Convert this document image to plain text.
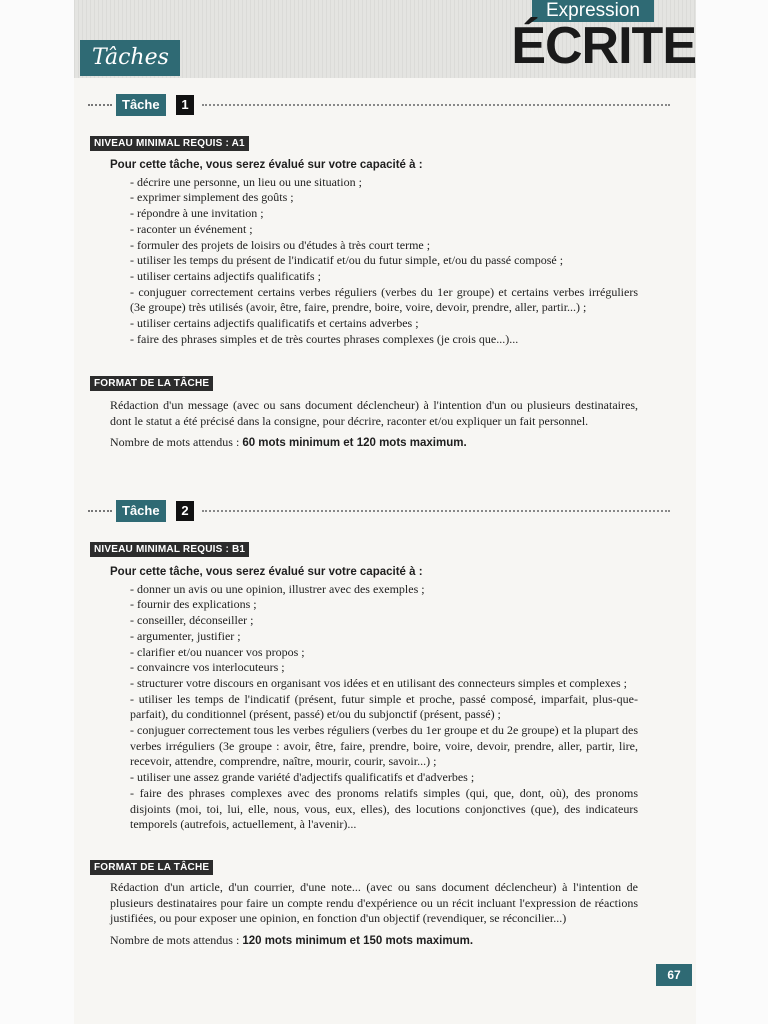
Tâches
Expression
ÉCRITE
Tâche	1
NIVEAU MINIMAL REQUIS : A1
Pour cette tâche, vous serez évalué sur votre capacité à :
- décrire une personne, un lieu ou une situation ;
- exprimer simplement des goûts ;
- répondre à une invitation ;
- raconter un événement ;
- formuler des projets de loisirs ou d'études à très court terme ;
- utiliser les temps du présent de l'indicatif et/ou du futur simple, et/ou du passé composé ;
- utiliser certains adjectifs qualificatifs ;
- conjuguer correctement certains verbes réguliers (verbes du 1er groupe) et certains verbes irréguliers (3e groupe) très utilisés (avoir, être, faire, prendre, boire, voire, devoir, prendre, aller, partir...) ;
- utiliser certains adjectifs qualificatifs et certains adverbes ;
- faire des phrases simples et de très courtes phrases complexes (je crois que...)...
FORMAT DE LA TÂCHE

Rédaction d'un message (avec ou sans document déclencheur) à l'intention d'un ou plusieurs destinataires, dont le statut a été précisé dans la consigne, pour décrire, raconter et/ou expliquer un fait personnel.

Nombre de mots attendus : 60 mots minimum et 120 mots maximum.

Tâche	2
NIVEAU MINIMAL REQUIS : B1
Pour cette tâche, vous serez évalué sur votre capacité à :
- donner un avis ou une opinion, illustrer avec des exemples ;
- fournir des explications ;
- conseiller, déconseiller ;
- argumenter, justifier ;
- clarifier et/ou nuancer vos propos ;
- convaincre vos interlocuteurs ;
- structurer votre discours en organisant vos idées et en utilisant des connecteurs simples et complexes ;
- utiliser les temps de l'indicatif (présent, futur simple et proche, passé composé, imparfait, plus-que-parfait), du conditionnel (présent, passé) et/ou du subjonctif (présent, passé) ;
- conjuguer correctement tous les verbes réguliers (verbes du 1er groupe et du 2e groupe) et la plupart des verbes irréguliers (3e groupe : avoir, être, faire, prendre, boire, voire, devoir, prendre, aller, partir, lire, recevoir, attendre, comprendre, naître, mourir, courir, savoir...) ;
- utiliser une assez grande variété d'adjectifs qualificatifs et d'adverbes ;
- faire des phrases complexes avec des pronoms relatifs simples (qui, que, dont, où), des pronoms disjoints (moi, toi, lui, elle, nous, vous, eux, elles), des locutions conjonctives (que), des indicateurs temporels (autrefois, actuellement, à l'avenir)...
FORMAT DE LA TÂCHE

Rédaction d'un article, d'un courrier, d'une note... (avec ou sans document déclencheur) à l'intention de plusieurs destinataires pour faire un compte rendu d'expérience ou un récit incluant l'expression de réactions justifiées, ou pour exposer une opinion, en fonction d'un objectif (revendiquer, se réconcilier...)

Nombre de mots attendus : 120 mots minimum et 150 mots maximum.

67
